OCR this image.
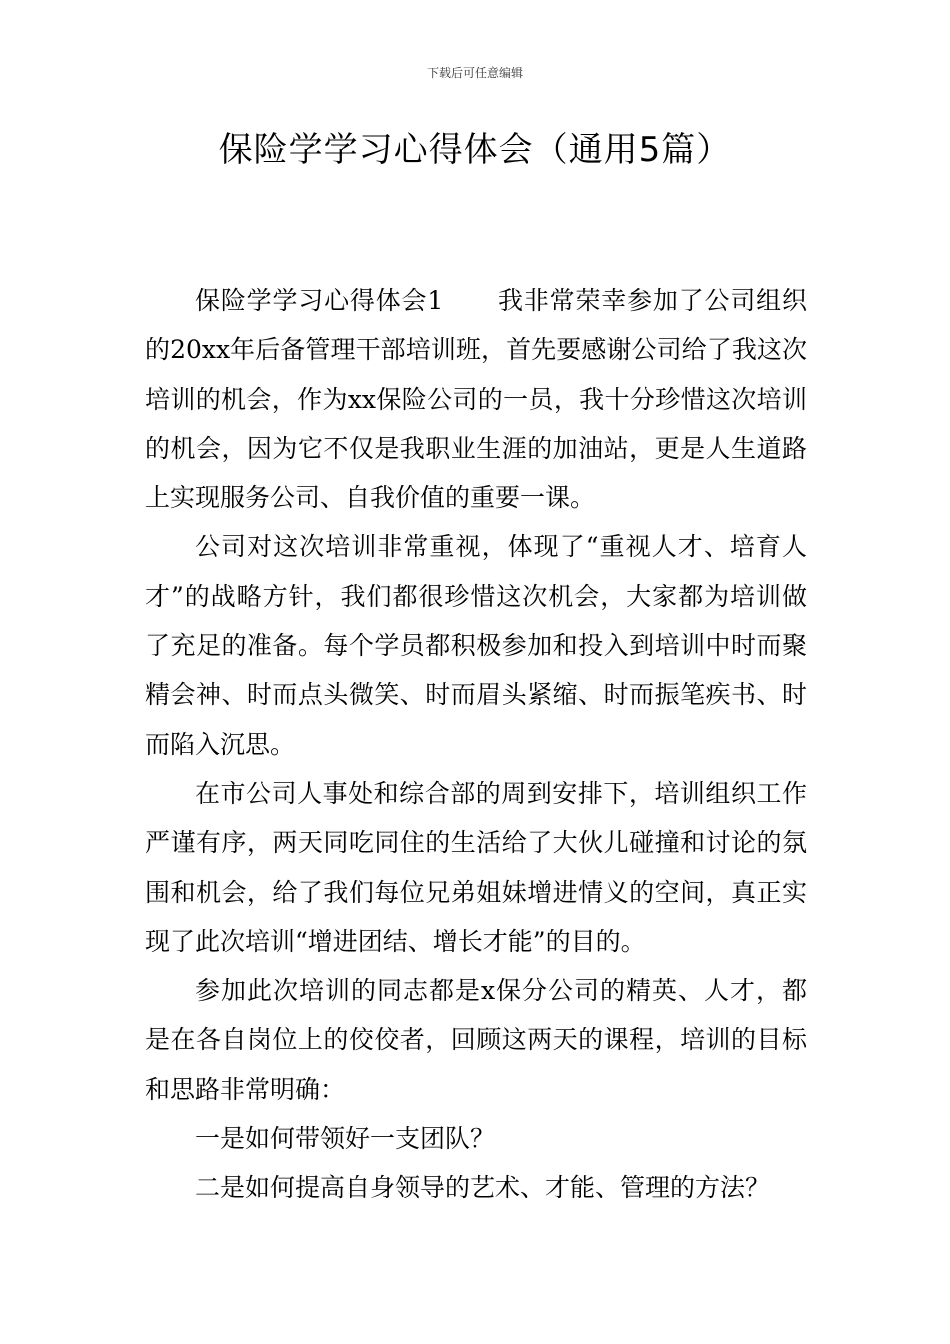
下载后可任意编辑
保险学学习心得体会（通用5篇）

保险学学习心得体会1 我非常荣幸参加了公司组织的20xx年后备管理干部培训班，首先要感谢公司给了我这次培训的机会，作为xx保险公司的一员，我十分珍惜这次培训的机会，因为它不仅是我职业生涯的加油站，更是人生道路上实现服务公司、自我价值的重要一课。

公司对这次培训非常重视，体现了“重视人才、培育人才”的战略方针，我们都很珍惜这次机会，大家都为培训做了充足的准备。每个学员都积极参加和投入到培训中时而聚精会神、时而点头微笑、时而眉头紧缩、时而振笔疾书、时而陷入沉思。

在市公司人事处和综合部的周到安排下，培训组织工作严谨有序，两天同吃同住的生活给了大伙儿碰撞和讨论的氛围和机会，给了我们每位兄弟姐妹增进情义的空间，真正实现了此次培训“增进团结、增长才能”的目的。

参加此次培训的同志都是x保分公司的精英、人才，都是在各自岗位上的佼佼者，回顾这两天的课程，培训的目标和思路非常明确：

一是如何带领好一支团队？

二是如何提高自身领导的艺术、才能、管理的方法？
